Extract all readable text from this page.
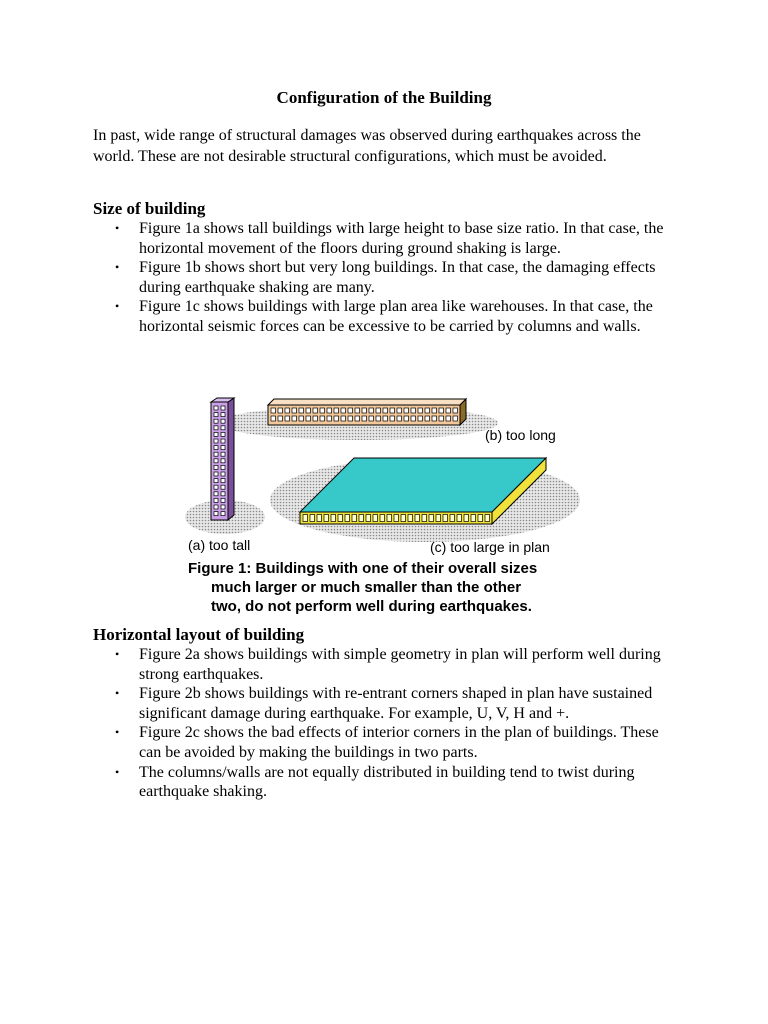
Configuration of the Building

In past, wide range of structural damages was observed during earthquakes across the world. These are not desirable structural configurations, which must be avoided.

Size of building
• Figure 1a shows tall buildings with large height to base size ratio. In that case, the horizontal movement of the floors during ground shaking is large.
• Figure 1b shows short but very long buildings. In that case, the damaging effects during earthquake shaking are many.
• Figure 1c shows buildings with large plan area like warehouses. In that case, the horizontal seismic forces can be excessive to be carried by columns and walls.
(b) too long
(a) too tall	(c) too large in plan
Figure 1: Buildings with one of their overall sizes
much larger or much smaller than the other
two, do not perform well during earthquakes.
Horizontal layout of building
• Figure 2a shows buildings with simple geometry in plan will perform well during strong earthquakes.
• Figure 2b shows buildings with re-entrant corners shaped in plan have sustained significant damage during earthquake. For example, U, V, H and +.
• Figure 2c shows the bad effects of interior corners in the plan of buildings. These can be avoided by making the buildings in two parts.
• The columns/walls are not equally distributed in building tend to twist during earthquake shaking.
